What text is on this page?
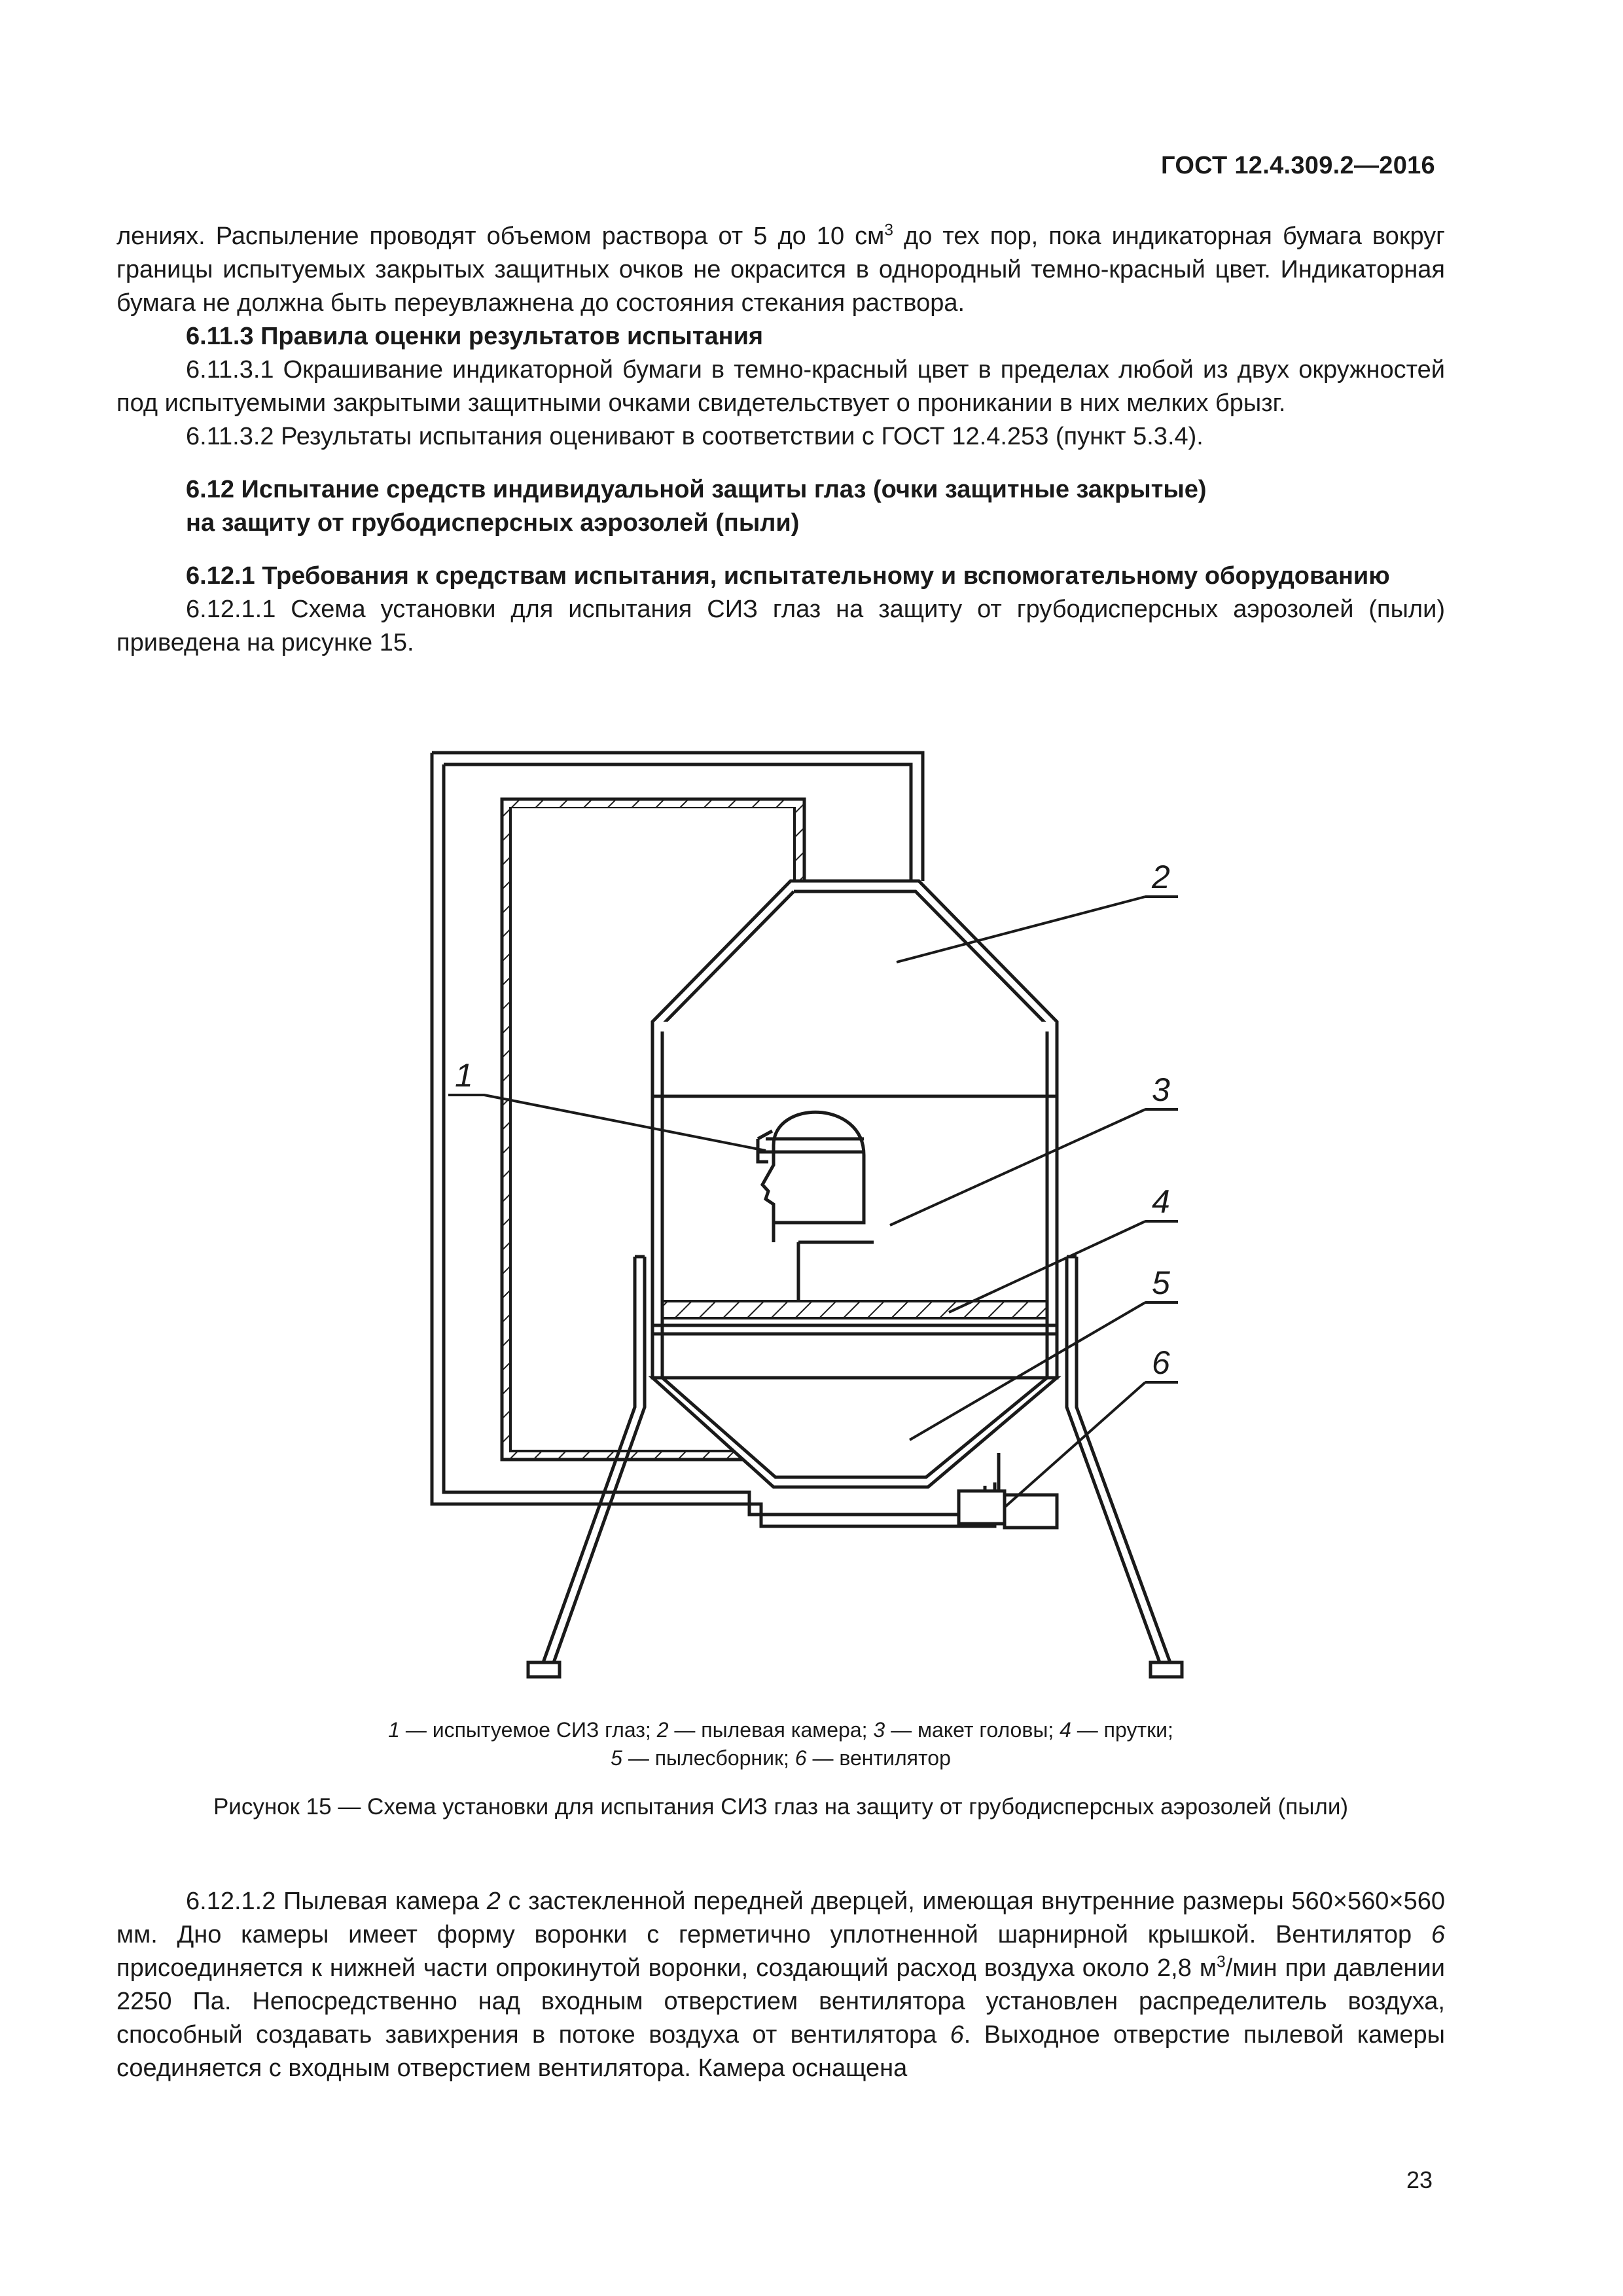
ГОСТ 12.4.309.2—2016

лениях. Распыление проводят объемом раствора от 5 до 10 $см^3$ до тех пор, пока индикаторная бумага вокруг границы испытуемых закрытых защитных очков не окрасится в однородный темно-красный цвет. Индикаторная бумага не должна быть переувлажнена до состояния стекания раствора.

6.11.3 Правила оценки результатов испытания

6.11.3.1 Окрашивание индикаторной бумаги в темно-красный цвет в пределах любой из двух окружностей под испытуемыми закрытыми защитными очками свидетельствует о проникании в них мелких брызг.

6.11.3.2 Результаты испытания оценивают в соответствии с ГОСТ 12.4.253 (пункт 5.3.4).

6.12 Испытание средств индивидуальной защиты глаз (очки защитные закрытые)
на защиту от грубодисперсных аэрозолей (пыли)

6.12.1 Требования к средствам испытания, испытательному и вспомогательному оборудованию

6.12.1.1 Схема установки для испытания СИЗ глаз на защиту от грубодисперсных аэрозолей (пыли) приведена на рисунке 15.

1
2
3
4
5
6
1 — испытуемое СИЗ глаз; 2 — пылевая камера; 3 — макет головы; 4 — прутки;
5 — пылесборник; 6 — вентилятор
Рисунок 15 — Схема установки для испытания СИЗ глаз на защиту от грубодисперсных аэрозолей (пыли)

6.12.1.2 Пылевая камера 2 с застекленной передней дверцей, имеющая внутренние размеры 560×560×560 мм. Дно камеры имеет форму воронки с герметично уплотненной шарнирной крышкой. Вентилятор 6 присоединяется к нижней части опрокинутой воронки, создающий расход воздуха около 2,8 $м^3$/мин при давлении 2250 Па. Непосредственно над входным отверстием вентилятора установлен распределитель воздуха, способный создавать завихрения в потоке воздуха от вентилятора 6. Выходное отверстие пылевой камеры соединяется с входным отверстием вентилятора. Камера оснащена

23
